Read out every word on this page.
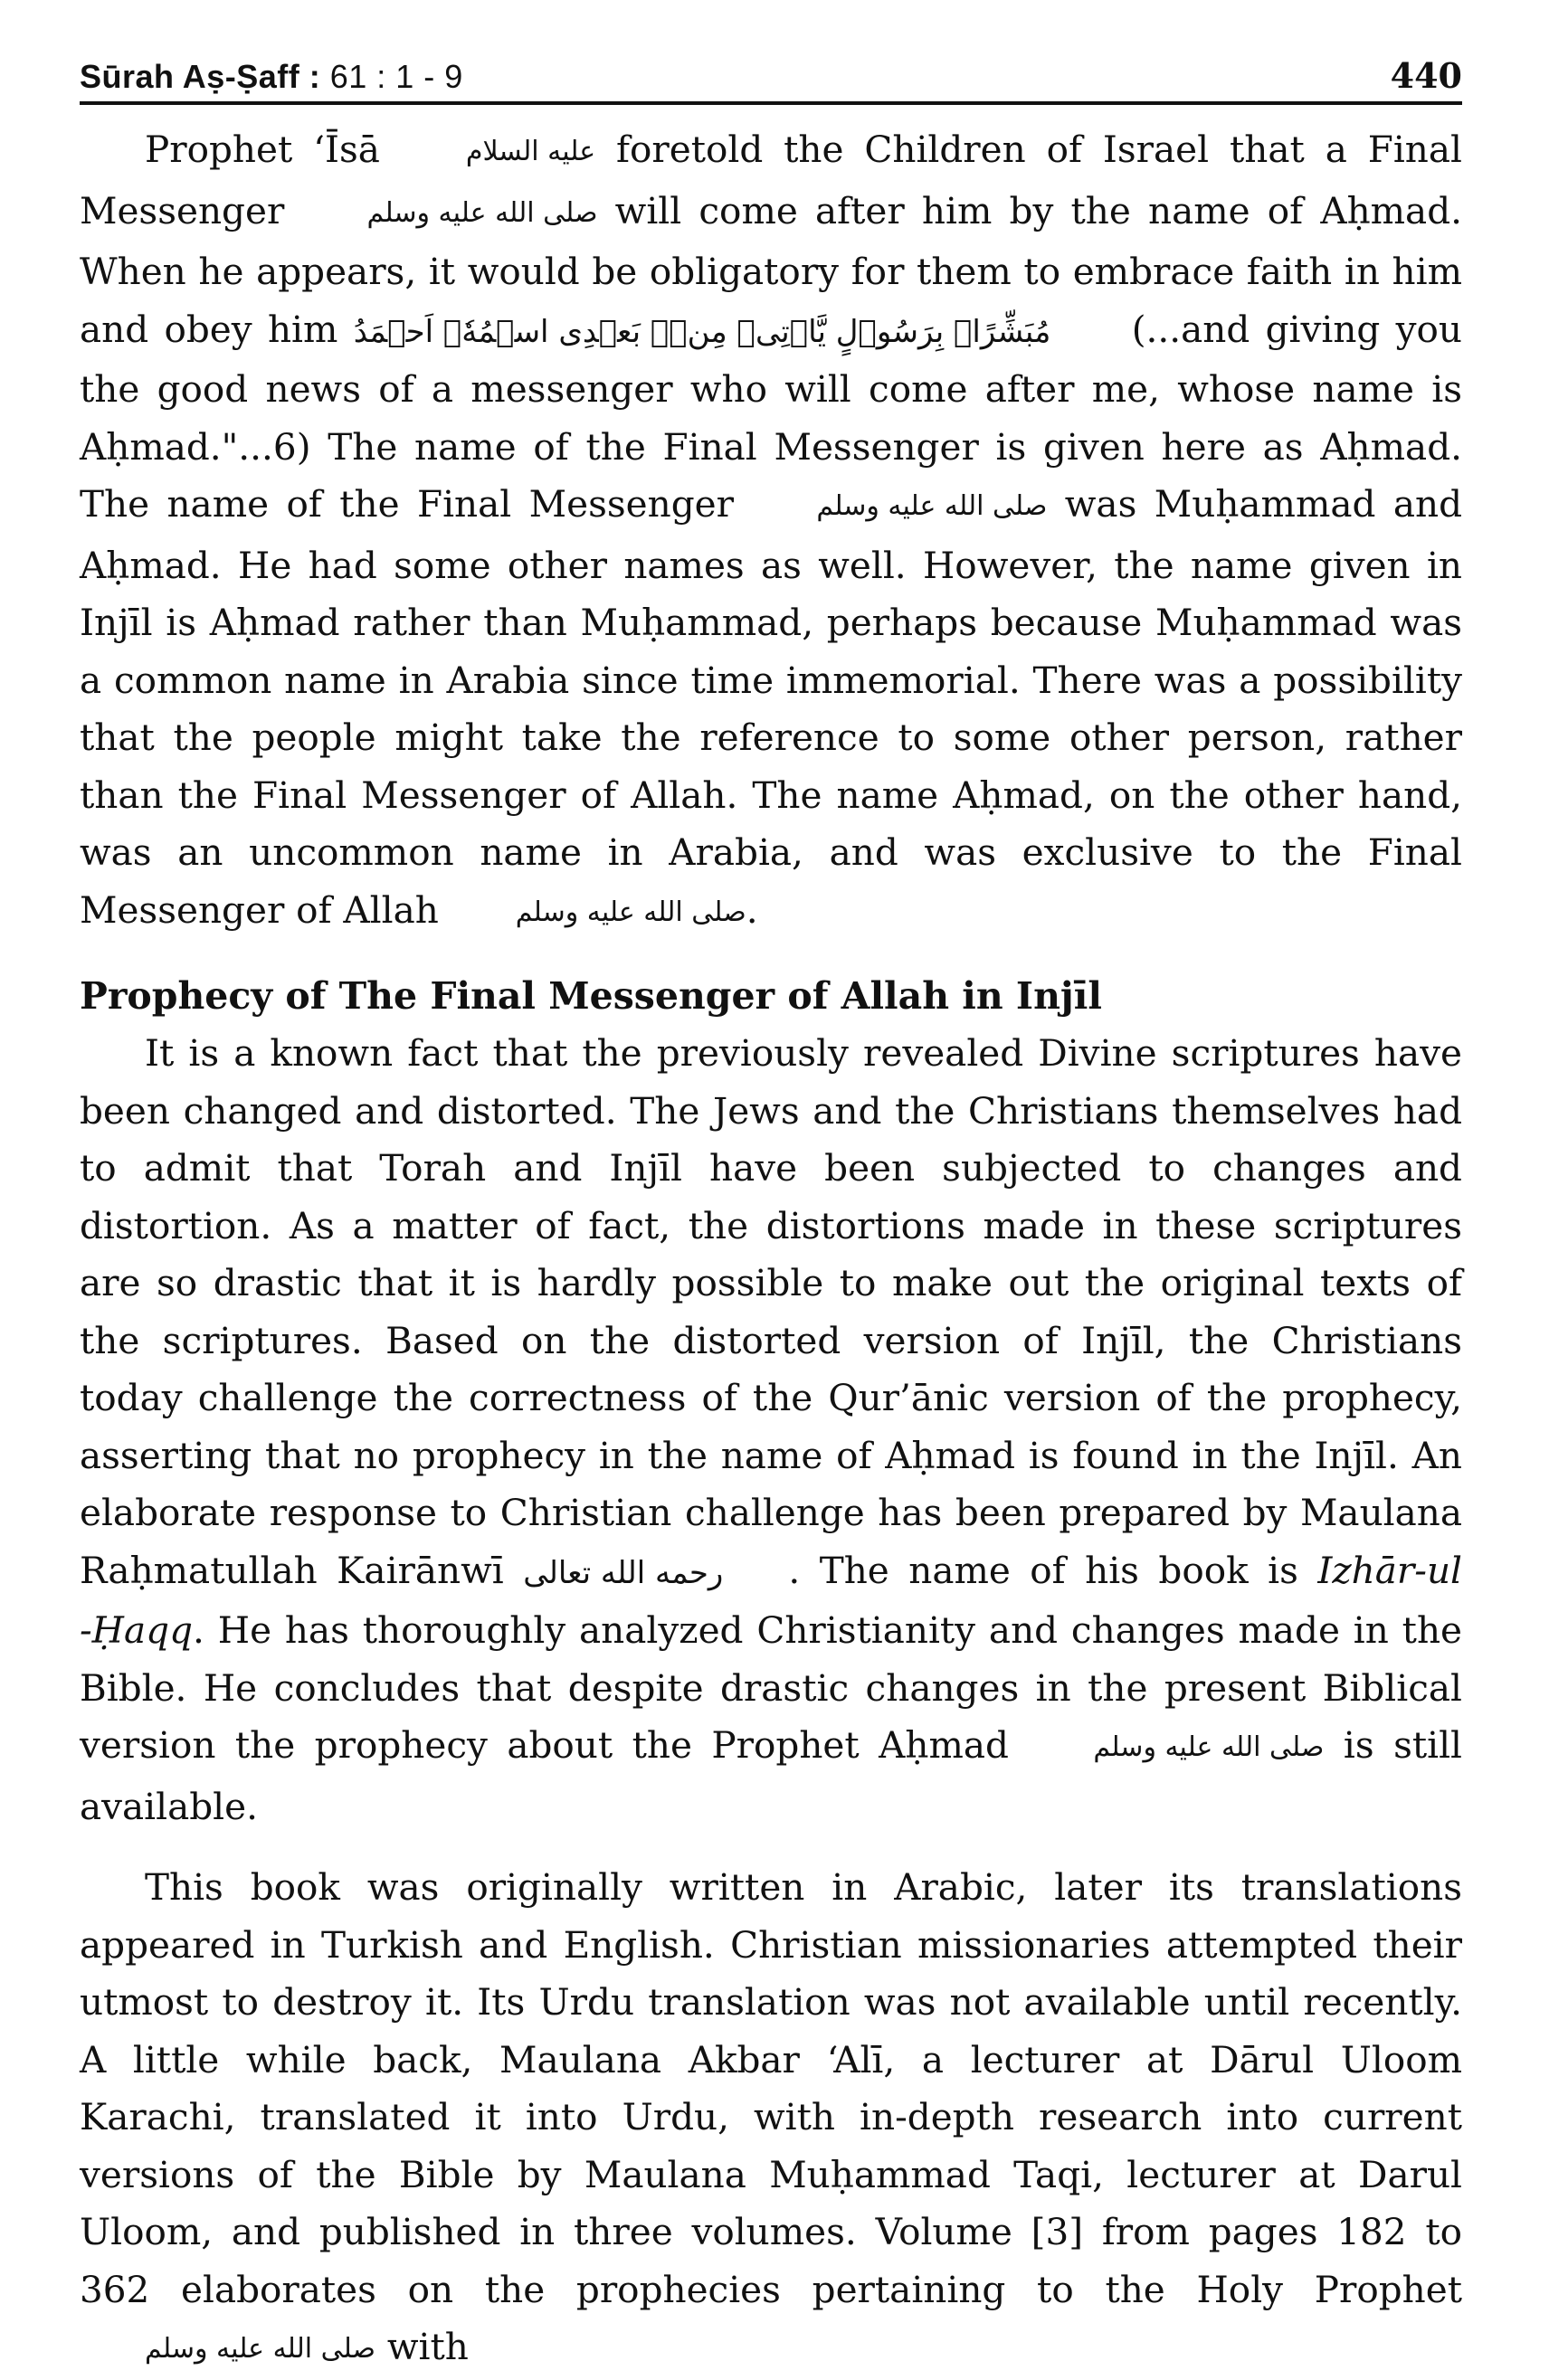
Sūrah Aṣ-Ṣaff : 61 : 1 - 9	440

Prophet ‘Īsā عليه السلام foretold the Children of Israel that a Final Messenger صلى الله عليه وسلم will come after him by the name of Aḥmad. When he appears, it would be obligatory for them to embrace faith in him and obey him مُبَشِّرًاۢ بِرَسُوۡلٍ يَّاۡتِىۡ مِنۡۢ بَعۡدِى اسۡمُهٗۤ اَحۡمَدُ (...and giving you the good news of a messenger who will come after me, whose name is Aḥmad."...6) The name of the Final Messenger is given here as Aḥmad. The name of the Final Messenger صلى الله عليه وسلم was Muḥammad and Aḥmad. He had some other names as well. However, the name given in Injīl is Aḥmad rather than Muḥammad, perhaps because Muḥammad was a common name in Arabia since time immemorial. There was a possibility that the people might take the reference to some other person, rather than the Final Messenger of Allah. The name Aḥmad, on the other hand, was an uncommon name in Arabia, and was exclusive to the Final Messenger of Allah صلى الله عليه وسلم.

Prophecy of The Final Messenger of Allah in Injīl

It is a known fact that the previously revealed Divine scriptures have been changed and distorted. The Jews and the Christians themselves had to admit that Torah and Injīl have been subjected to changes and distortion. As a matter of fact, the distortions made in these scriptures are so drastic that it is hardly possible to make out the original texts of the scriptures. Based on the distorted version of Injīl, the Christians today challenge the correctness of the Qur’ānic version of the prophecy, asserting that no prophecy in the name of Aḥmad is found in the Injīl. An elaborate response to Christian challenge has been prepared by Maulana Raḥmatullah Kairānwī رحمه الله تعالى . The name of his book is Izhār-ul -Ḥaqq. He has thoroughly analyzed Christianity and changes made in the Bible. He concludes that despite drastic changes in the present Biblical version the prophecy about the Prophet Aḥmad صلى الله عليه وسلم is still available.

This book was originally written in Arabic, later its translations appeared in Turkish and English. Christian missionaries attempted their utmost to destroy it. Its Urdu translation was not available until recently. A little while back, Maulana Akbar ‘Alī, a lecturer at Dārul Uloom Karachi, translated it into Urdu, with in-depth research into current versions of the Bible by Maulana Muḥammad Taqi, lecturer at Darul Uloom, and published in three volumes. Volume [3] from pages 182 to 362 elaborates on the prophecies pertaining to the Holy Prophet صلى الله عليه وسلم with
